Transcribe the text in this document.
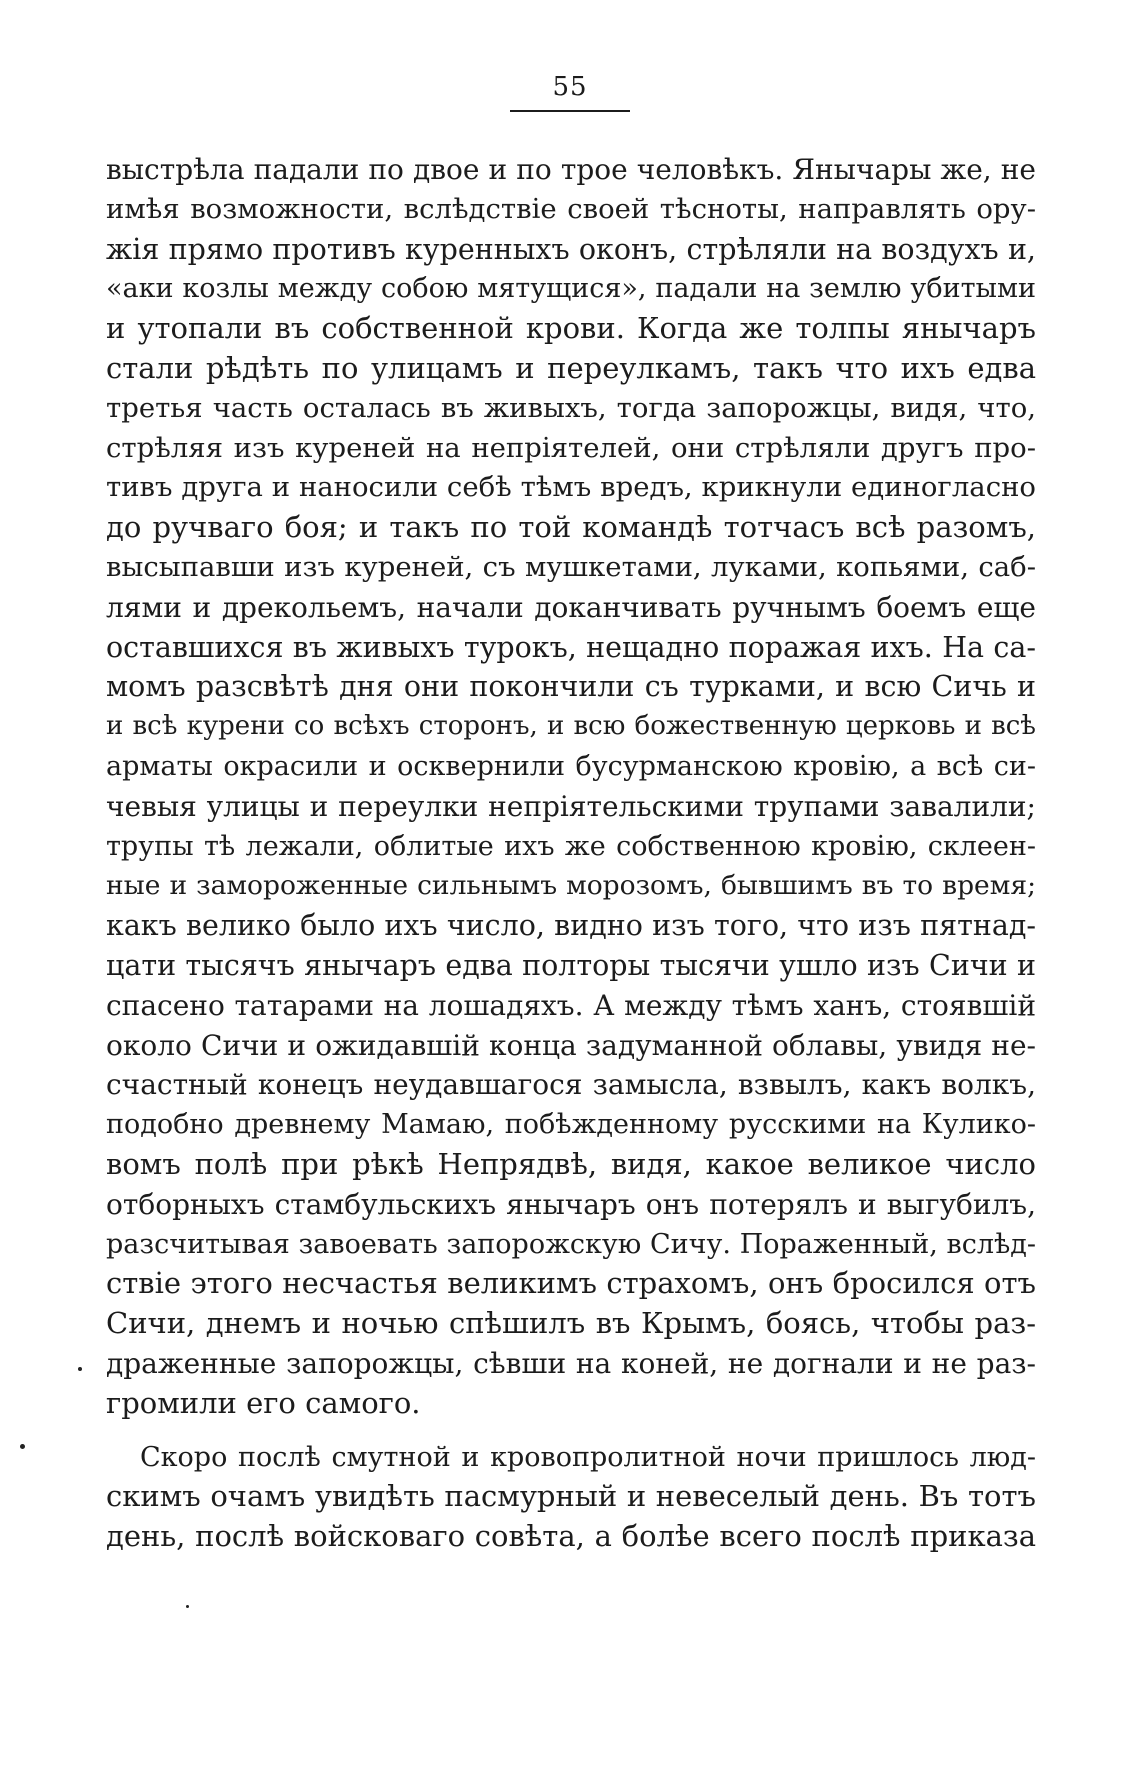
55
выстрѣла падали по двое и по трое человѣкъ. Янычары же, не
имѣя возможности, вслѣдствіе своей тѣсноты, направлять ору-
жія прямо противъ куренныхъ оконъ, стрѣляли на воздухъ и,
«аки козлы между собою мятущися», падали на землю убитыми
и утопали въ собственной крови. Когда же толпы янычаръ
стали рѣдѣть по улицамъ и переулкамъ, такъ что ихъ едва
третья часть осталась въ живыхъ, тогда запорожцы, видя, что,
стрѣляя изъ куреней на непріятелей, они стрѣляли другъ про-
тивъ друга и наносили себѣ тѣмъ вредъ, крикнули единогласно
до ручваго боя; и такъ по той командѣ тотчасъ всѣ разомъ,
высыпавши изъ куреней, съ мушкетами, луками, копьями, саб-
лями и дрекольемъ, начали доканчивать ручнымъ боемъ еще
оставшихся въ живыхъ турокъ, нещадно поражая ихъ. На са-
момъ разсвѣтѣ дня они покончили съ турками, и всю Сичь и
и всѣ курени со всѣхъ сторонъ, и всю божественную церковь и всѣ
арматы окрасили и осквернили бусурманскою кровію, а всѣ си-
чевыя улицы и переулки непріятельскими трупами завалили;
трупы тѣ лежали, облитые ихъ же собственною кровію, склеен-
ные и замороженные сильнымъ морозомъ, бывшимъ въ то время;
какъ велико было ихъ число, видно изъ того, что изъ пятнад-
цати тысячъ янычаръ едва полторы тысячи ушло изъ Сичи и
спасено татарами на лошадяхъ. А между тѣмъ ханъ, стоявшій
около Сичи и ожидавшій конца задуманной облавы, увидя не-
счастный конецъ неудавшагося замысла, взвылъ, какъ волкъ,
подобно древнему Мамаю, побѣжденному русскими на Кулико-
вомъ полѣ при рѣкѣ Непрядвѣ, видя, какое великое число
отборныхъ стамбульскихъ янычаръ онъ потерялъ и выгубилъ,
разсчитывая завоевать запорожскую Сичу. Пораженный, вслѣд-
ствіе этого несчастья великимъ страхомъ, онъ бросился отъ
Сичи, днемъ и ночью спѣшилъ въ Крымъ, боясь, чтобы раз-
драженные запорожцы, сѣвши на коней, не догнали и не раз-
громили его самого.
Скоро послѣ смутной и кровопролитной ночи пришлось люд-
скимъ очамъ увидѣть пасмурный и невеселый день. Въ тотъ
день, послѣ войсковаго совѣта, а болѣе всего послѣ приказа
